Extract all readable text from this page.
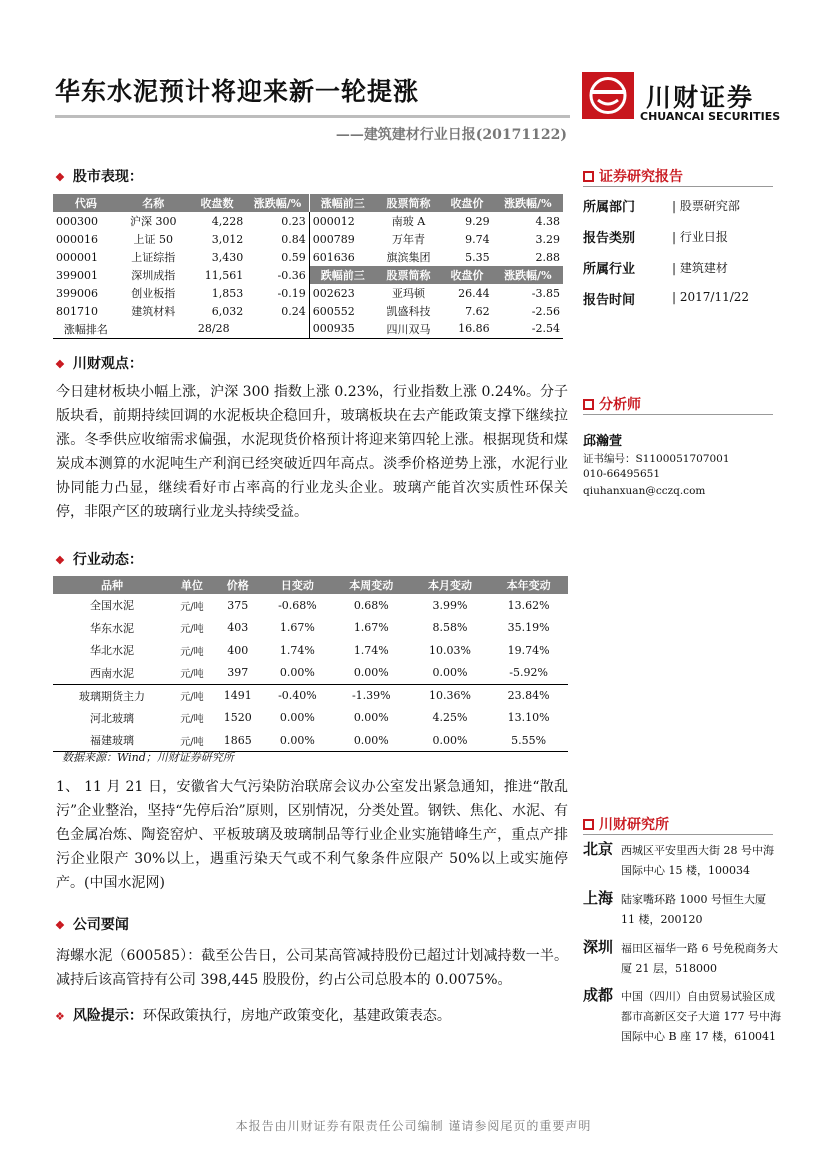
华东水泥预计将迎来新一轮提涨
——建筑建材行业日报(20171122)
川财证券
CHUANCAI SECURITIES
❖ 股市表现：
代码	名称	收盘数	涨跌幅/%	涨幅前三	股票简称	收盘价	涨跌幅/%
000300	沪深 300	4,228	0.23	000012	南玻 A	9.29	4.38
000016	上证 50	3,012	0.84	000789	万年青	9.74	3.29
000001	上证综指	3,430	0.59	601636	旗滨集团	5.35	2.88
399001	深圳成指	11,561	-0.36	跌幅前三	股票简称	收盘价	涨跌幅/%
399006	创业板指	1,853	-0.19	002623	亚玛顿	26.44	-3.85
801710	建筑材料	6,032	0.24	600552	凯盛科技	7.62	-2.56
涨幅排名	28/28			000935	四川双马	16.86	-2.54
❖ 川财观点：
今日建材板块小幅上涨，沪深 300 指数上涨 0.23%，行业指数上涨 0.24%。分子版块看，前期持续回调的水泥板块企稳回升，玻璃板块在去产能政策支撑下继续拉涨。冬季供应收缩需求偏强，水泥现货价格预计将迎来第四轮上涨。根据现货和煤炭成本测算的水泥吨生产利润已经突破近四年高点。淡季价格逆势上涨，水泥行业协同能力凸显，继续看好市占率高的行业龙头企业。玻璃产能首次实质性环保关停，非限产区的玻璃行业龙头持续受益。
❖ 行业动态：
品种	单位	价格	日变动	本周变动	本月变动	本年变动
全国水泥	元/吨	375	-0.68%	0.68%	3.99%	13.62%
华东水泥	元/吨	403	1.67%	1.67%	8.58%	35.19%
华北水泥	元/吨	400	1.74%	1.74%	10.03%	19.74%
西南水泥	元/吨	397	0.00%	0.00%	0.00%	-5.92%
玻璃期货主力	元/吨	1491	-0.40%	-1.39%	10.36%	23.84%
河北玻璃	元/吨	1520	0.00%	0.00%	4.25%	13.10%
福建玻璃	元/吨	1865	0.00%	0.00%	0.00%	5.55%
数据来源：Wind；川财证券研究所
1、 11 月 21 日，安徽省大气污染防治联席会议办公室发出紧急通知，推进“散乱污”企业整治，坚持“先停后治”原则，区别情况，分类处置。钢铁、焦化、水泥、有色金属冶炼、陶瓷窑炉、平板玻璃及玻璃制品等行业企业实施错峰生产，重点产排污企业限产 30%以上，遇重污染天气或不利气象条件应限产 50%以上或实施停产。(中国水泥网)
❖ 公司要闻
海螺水泥（600585）：截至公告日，公司某高管减持股份已超过计划减持数一半。减持后该高管持有公司 398,445 股股份，约占公司总股本的 0.0075%。
❖ 风险提示：环保政策执行，房地产政策变化，基建政策表态。
证券研究报告
所属部门	| 股票研究部
报告类别	| 行业日报
所属行业	| 建筑建材
报告时间	| 2017/11/22
分析师
邱瀚萱
证书编号：S1100051707001
010-66495651
qiuhanxuan@cczq.com
川财研究所
北京 西城区平安里西大街 28 号中海国际中心 15 楼，100034
上海 陆家嘴环路 1000 号恒生大厦 11 楼，200120
深圳 福田区福华一路 6 号免税商务大厦 21 层，518000
成都 中国（四川）自由贸易试验区成都市高新区交子大道 177 号中海国际中心 B 座 17 楼，610041
本报告由川财证券有限责任公司编制 谨请参阅尾页的重要声明
